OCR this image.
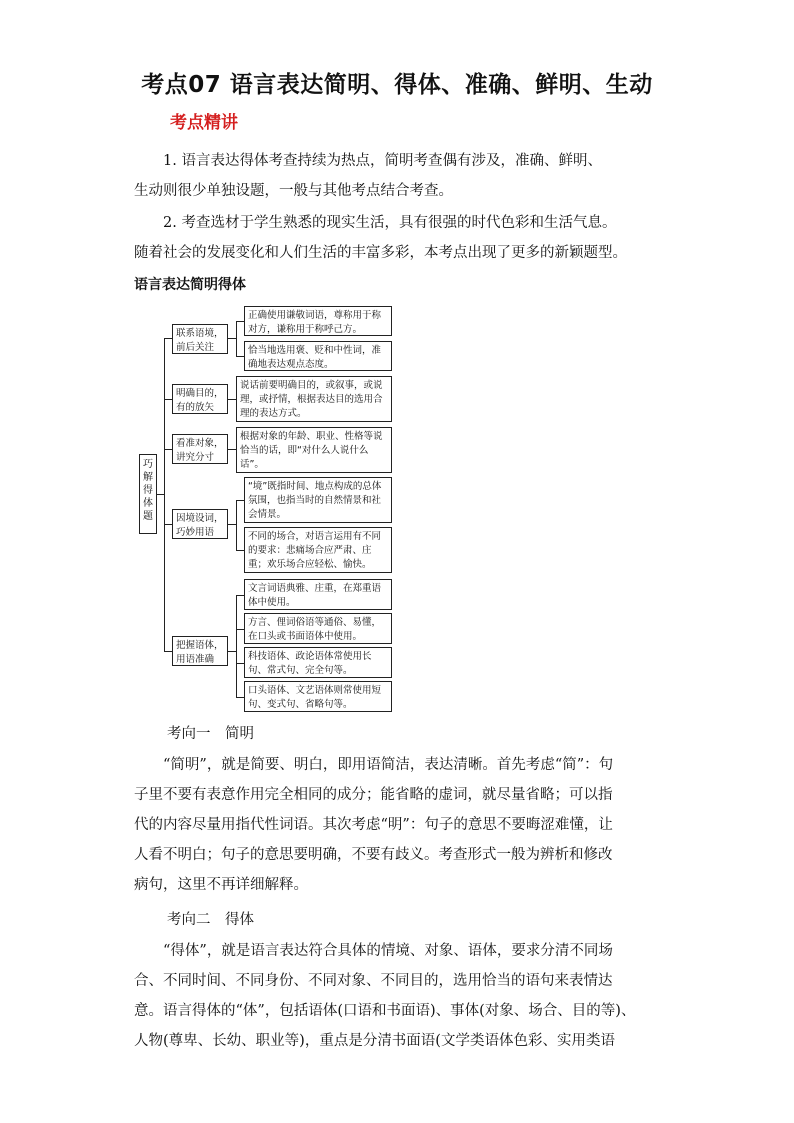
考点07 语言表达简明、得体、准确、鲜明、生动
考点精讲

1. 语言表达得体考查持续为热点，简明考查偶有涉及，准确、鲜明、
生动则很少单独设题，一般与其他考点结合考查。

2. 考查选材于学生熟悉的现实生活，具有很强的时代色彩和生活气息。
随着社会的发展变化和人们生活的丰富多彩，本考点出现了更多的新颖题型。

语言表达简明得体
巧解得体题
联系语境，前后关注
正确使用谦敬词语，尊称用于称对方，谦称用于称呼己方。
恰当地选用褒、贬和中性词，准确地表达观点态度。
明确目的，有的放矢
说话前要明确目的，或叙事，或说理，或抒情，根据表达目的选用合理的表达方式。
看准对象，讲究分寸
根据对象的年龄、职业、性格等说恰当的话，即“对什么人说什么话”。
因境设词，巧妙用语
“境”既指时间、地点构成的总体氛围，也指当时的自然情景和社会情景。
不同的场合，对语言运用有不同的要求：悲痛场合应严肃、庄重；欢乐场合应轻松、愉快。
把握语体，用语准确
文言词语典雅、庄重，在郑重语体中使用。
方言、俚词俗语等通俗、易懂，在口头或书面语体中使用。
科技语体、政论语体常使用长句、常式句、完全句等。
口头语体、文艺语体则常使用短句、变式句、省略句等。
考向一　简明

“简明”，就是简要、明白，即用语简洁，表达清晰。首先考虑“简”：句
子里不要有表意作用完全相同的成分；能省略的虚词，就尽量省略；可以指
代的内容尽量用指代性词语。其次考虑“明”：句子的意思不要晦涩难懂，让
人看不明白；句子的意思要明确，不要有歧义。考查形式一般为辨析和修改
病句，这里不再详细解释。

考向二　得体

“得体”，就是语言表达符合具体的情境、对象、语体，要求分清不同场
合、不同时间、不同身份、不同对象、不同目的，选用恰当的语句来表情达
意。语言得体的“体”，包括语体(口语和书面语)、事体(对象、场合、目的等)、
人物(尊卑、长幼、职业等)，重点是分清书面语(文学类语体色彩、实用类语
